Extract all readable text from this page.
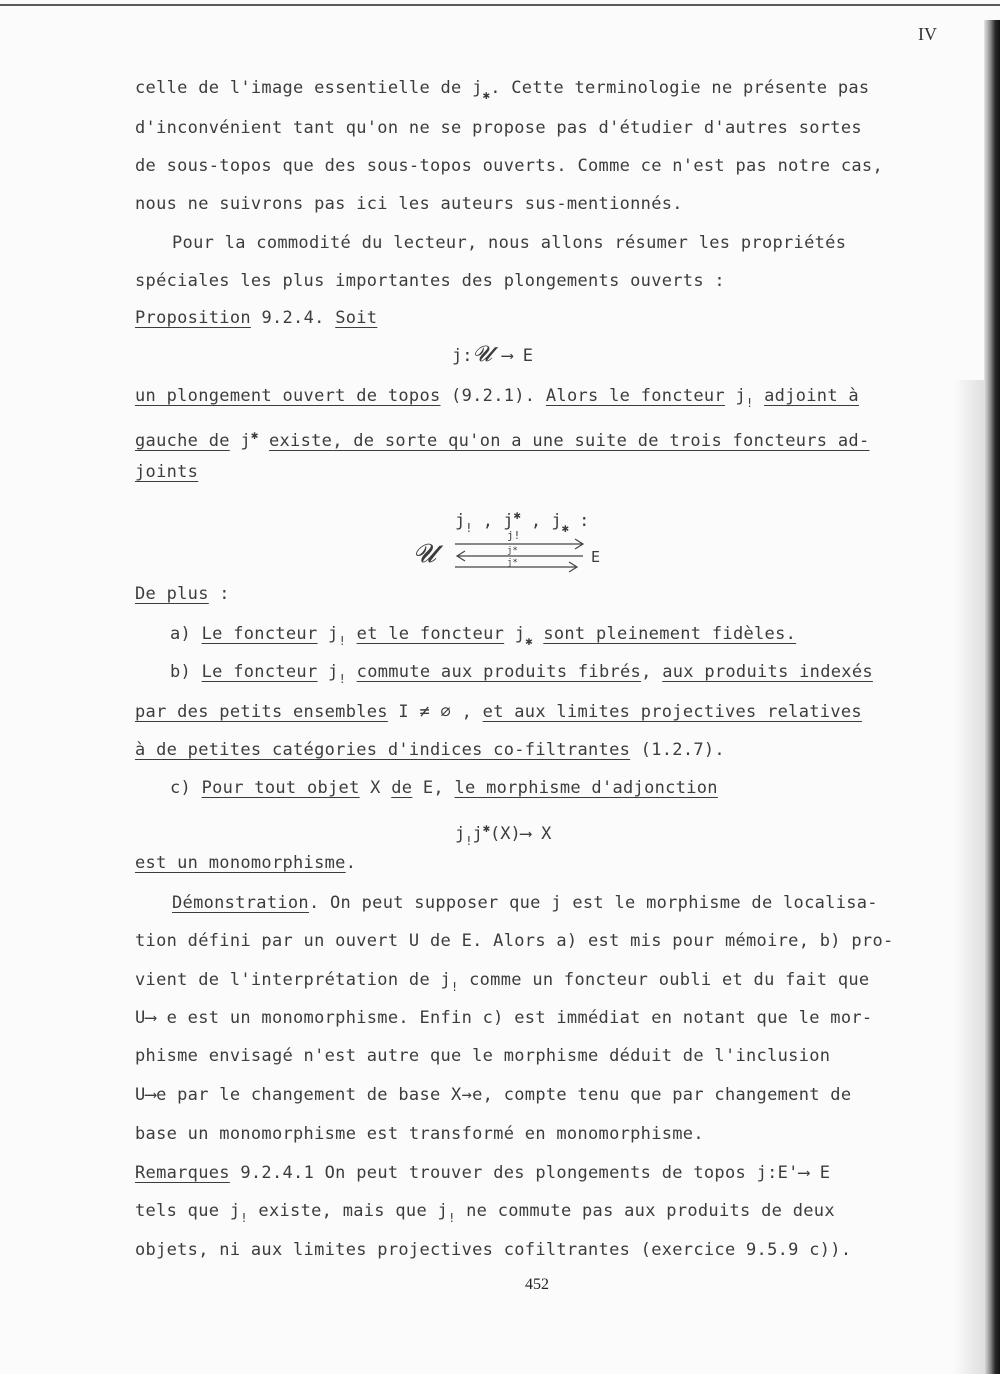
IV
celle de l'image essentielle de $j_✱$. Cette terminologie ne présente pas
d'inconvénient tant qu'on ne se propose pas d'étudier d'autres sortes
de sous-topos que des sous-topos ouverts. Comme ce n'est pas notre cas,
nous ne suivrons pas ici les auteurs sus-mentionnés.
Pour la commodité du lecteur, nous allons résumer les propriétés
spéciales les plus importantes des plongements ouverts :
Proposition 9.2.4. Soit
j:𝓤 ⟶ E
un plongement ouvert de topos (9.2.1). Alors le foncteur $j_!$ adjoint à
gauche de j✱ existe, de sorte qu'on a une suite de trois foncteurs ad-
joints
$j_!$ , j✱ , $j_✱$ :
𝓤
j!
j*
j*	E
De plus :
a) Le foncteur $j_!$ et le foncteur $j_✱$ sont pleinement fidèles.
b) Le foncteur $j_!$ commute aux produits fibrés, aux produits indexés
par des petits ensembles I ≠ ∅ , et aux limites projectives relatives
à de petites catégories d'indices co-filtrantes (1.2.7).
c) Pour tout objet X de E, le morphisme d'adjonction
$j_!j^✱(X)⟶$ X
est un monomorphisme.
Démonstration. On peut supposer que j est le morphisme de localisa-
tion défini par un ouvert U de E. Alors a) est mis pour mémoire, b) pro-
vient de l'interprétation de $j_!$ comme un foncteur oubli et du fait que
U⟶ e est un monomorphisme. Enfin c) est immédiat en notant que le mor-
phisme envisagé n'est autre que le morphisme déduit de l'inclusion
U⟶e par le changement de base X→e, compte tenu que par changement de
base un monomorphisme est transformé en monomorphisme.
Remarques 9.2.4.1 On peut trouver des plongements de topos j:E'⟶ E
tels que $j_!$ existe, mais que $j_!$ ne commute pas aux produits de deux
objets, ni aux limites projectives cofiltrantes (exercice 9.5.9 c)).
452
